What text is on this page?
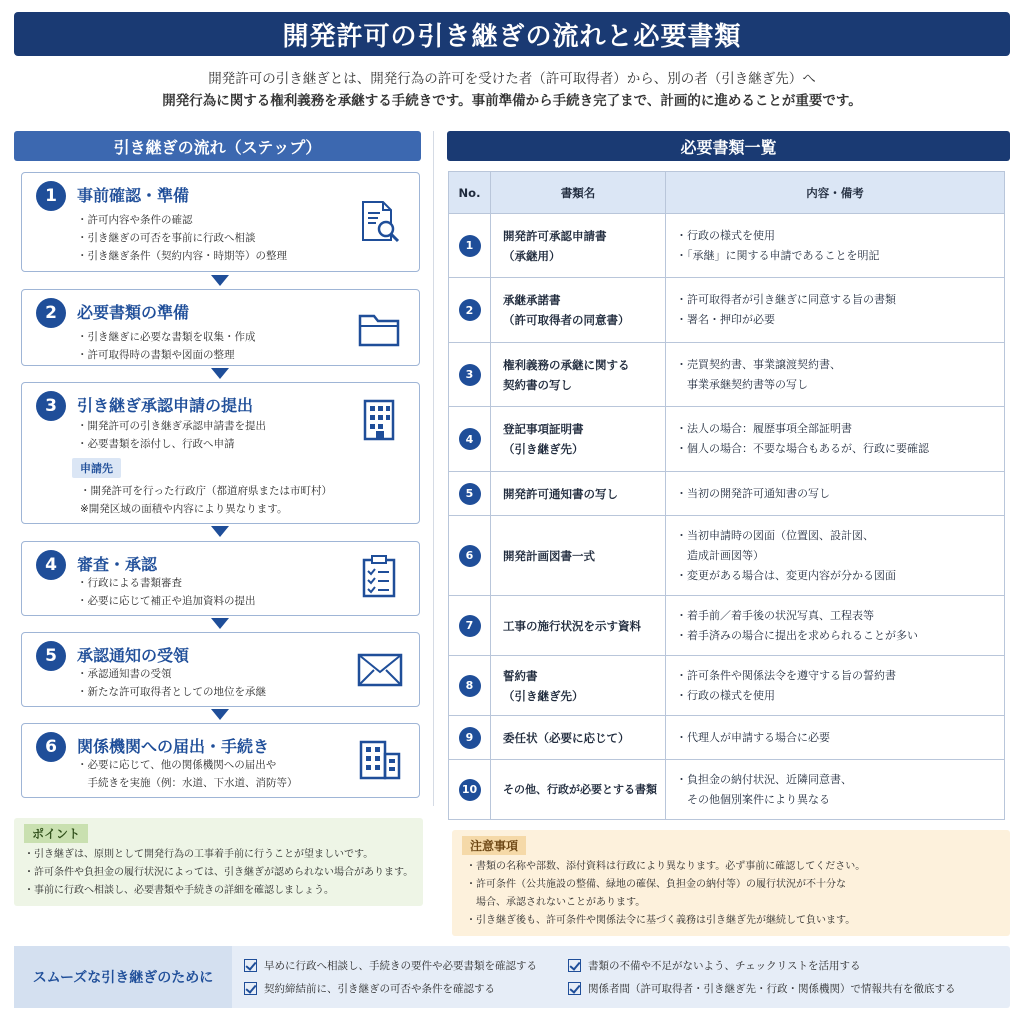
開発許可の引き継ぎの流れと必要書類
開発許可の引き継ぎとは、開発行為の許可を受けた者（許可取得者）から、別の者（引き継ぎ先）へ
開発行為に関する権利義務を承継する手続きです。事前準備から手続き完了まで、計画的に進めることが重要です。
引き継ぎの流れ（ステップ）	必要書類一覧
1	事前確認・準備
・許可内容や条件の確認
・引き継ぎの可否を事前に行政へ相談
・引き継ぎ条件（契約内容・時期等）の整理
2	必要書類の準備
・引き継ぎに必要な書類を収集・作成
・許可取得時の書類や図面の整理
3	引き継ぎ承認申請の提出
・開発許可の引き継ぎ承認申請書を提出
・必要書類を添付し、行政へ申請
申請先
・開発許可を行った行政庁（都道府県または市町村）
※開発区域の面積や内容により異なります。
4	審査・承認
・行政による書類審査
・必要に応じて補正や追加資料の提出
5	承認通知の受領
・承認通知書の受領
・新たな許可取得者としての地位を承継
6	関係機関への届出・手続き
・必要に応じて、他の関係機関への届出や
　手続きを実施（例：水道、下水道、消防等）
No.	書類名	内容・備考
1	開発許可承認申請書
（承継用）	・行政の様式を使用
・「承継」に関する申請であることを明記

2	承継承諾書
（許可取得者の同意書）	・許可取得者が引き継ぎに同意する旨の書類
・署名・押印が必要

3	権利義務の承継に関する
契約書の写し	・売買契約書、事業譲渡契約書、
　事業承継契約書等の写し

4	登記事項証明書
（引き継ぎ先）	・法人の場合：履歴事項全部証明書
・個人の場合：不要な場合もあるが、行政に要確認

5	開発許可通知書の写し	・当初の開発許可通知書の写し

6	開発計画図書一式	・当初申請時の図面（位置図、設計図、
　造成計画図等）
・変更がある場合は、変更内容が分かる図面

7	工事の施行状況を示す資料	・着手前／着手後の状況写真、工程表等
・着手済みの場合に提出を求められることが多い

8	誓約書
（引き継ぎ先）	・許可条件や関係法令を遵守する旨の誓約書
・行政の様式を使用

9	委任状（必要に応じて）	・代理人が申請する場合に必要

10	その他、行政が必要とする書類	・負担金の納付状況、近隣同意書、
　その他個別案件により異なる
ポイント
・引き継ぎは、原則として開発行為の工事着手前に行うことが望ましいです。
・許可条件や負担金の履行状況によっては、引き継ぎが認められない場合があります。
・事前に行政へ相談し、必要書類や手続きの詳細を確認しましょう。
注意事項
・書類の名称や部数、添付資料は行政により異なります。必ず事前に確認してください。
・許可条件（公共施設の整備、緑地の確保、負担金の納付等）の履行状況が不十分な
　場合、承認されないことがあります。
・引き継ぎ後も、許可条件や関係法令に基づく義務は引き継ぎ先が継続して負います。
スムーズな引き継ぎのために
早めに行政へ相談し、手続きの要件や必要書類を確認する	書類の不備や不足がないよう、チェックリストを活用する
契約締結前に、引き継ぎの可否や条件を確認する	関係者間（許可取得者・引き継ぎ先・行政・関係機関）で情報共有を徹底する
